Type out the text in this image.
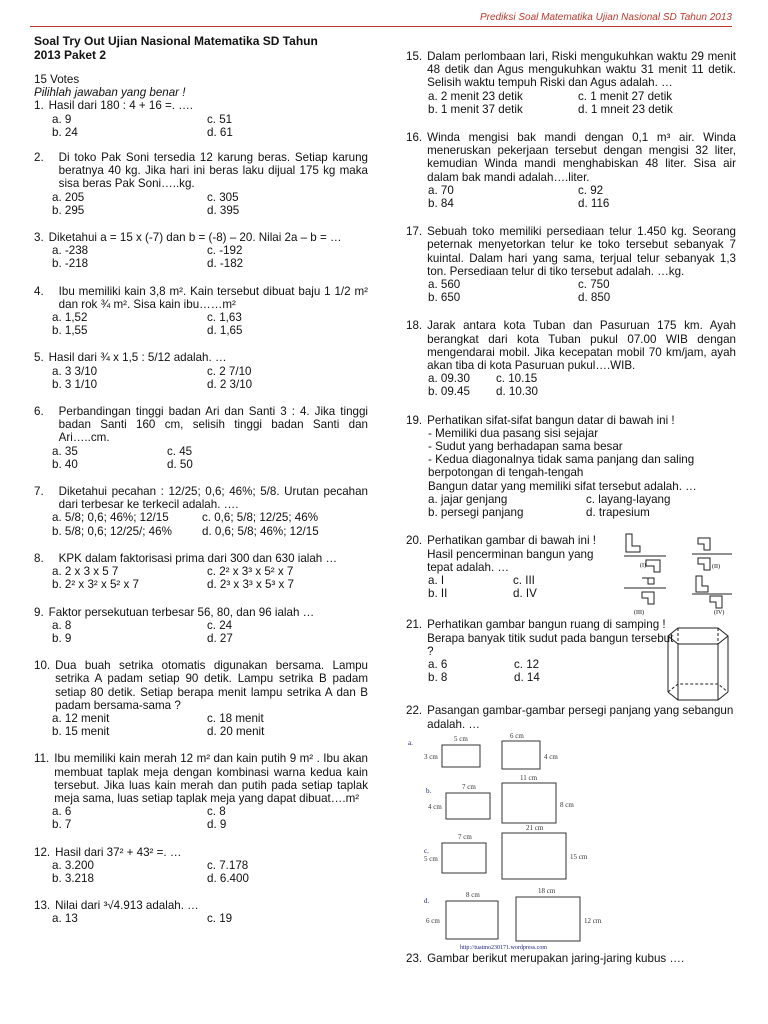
Prediksi Soal Matematika Ujian Nasional SD Tahun 2013
Soal Try Out Ujian Nasional Matematika SD Tahun
2013 Paket 2
15 Votes
Pilihlah jawaban yang benar !
1. Hasil dari 180 : 4 + 16 =. ….
a. 9	c. 51
b. 24	d. 61
2.	Di toko Pak Soni tersedia 12 karung beras. Setiap karung beratnya 40 kg. Jika hari ini beras laku dijual 175 kg maka sisa beras Pak Soni…..kg.
a. 205	c. 305
b. 295	d. 395
3. Diketahui a = 15 x (-7) dan b = (-8) – 20. Nilai 2a – b = …
a. -238	c. -192
b. -218	d. -182
4.	Ibu memiliki kain 3,8 m². Kain tersebut dibuat baju 1 1/2 m² dan rok ¾ m². Sisa kain ibu……m²
a. 1,52	c. 1,63
b. 1,55	d. 1,65
5. Hasil dari ¾ x 1,5 : 5/12 adalah. …
a. 3 3/10	c. 2 7/10
b. 3 1/10	d. 2 3/10
6.	Perbandingan tinggi badan Ari dan Santi 3 : 4. Jika tinggi badan Santi 160 cm, selisih tinggi badan Santi dan Ari…..cm.
a. 35	c. 45
b. 40	d. 50
7.	Diketahui pecahan : 12/25; 0,6; 46%; 5/8. Urutan pecahan dari terbesar ke terkecil adalah. ….
a. 5/8; 0,6; 46%; 12/15	c. 0,6; 5/8; 12/25; 46%
b. 5/8; 0,6; 12/25/; 46%	d. 0,6; 5/8; 46%; 12/15
8.	KPK dalam faktorisasi prima dari 300 dan 630 ialah …
a. 2 x 3 x 5 7	c. 2² x 3³ x 5² x 7
b. 2² x 3² x 5² x 7	d. 2³ x 3³ x 5³ x 7
9. Faktor persekutuan terbesar 56, 80, dan 96 ialah …
a. 8	c. 24
b. 9	d. 27
10. Dua buah setrika otomatis digunakan bersama. Lampu setrika A padam setiap 90 detik. Lampu setrika B padam setiap 80 detik. Setiap berapa menit lampu setrika A dan B padam bersama-sama ?
a. 12 menit	c. 18 menit
b. 15 menit	d. 20 menit
11. Ibu memiliki kain merah 12 m² dan kain putih 9 m² . Ibu akan membuat taplak meja dengan kombinasi warna kedua kain tersebut. Jika luas kain merah dan putih pada setiap taplak meja sama, luas setiap taplak meja yang dapat dibuat….m²
a. 6	c. 8
b. 7	d. 9
12. Hasil dari 37² + 43² =. …
a. 3.200	c. 7.178
b. 3.218	d. 6.400
13. Nilai dari ³√4.913 adalah. …
a. 13	c. 19
15. Dalam perlombaan lari, Riski mengukuhkan waktu 29 menit 48 detik dan Agus mengukuhkan waktu 31 menit 11 detik. Selisih waktu tempuh Riski dan Agus adalah. …
a. 2 menit 23 detik	c. 1 menit 27 detik
b. 1 menit 37 detik	d. 1 mneit 23 detik
16. Winda mengisi bak mandi dengan 0,1 m³ air. Winda meneruskan pekerjaan tersebut dengan mengisi 32 liter, kemudian Winda mandi menghabiskan 48 liter. Sisa air dalam bak mandi adalah….liter.
a. 70	c. 92
b. 84	d. 116
17. Sebuah toko memiliki persediaan telur 1.450 kg. Seorang peternak menyetorkan telur ke toko tersebut sebanyak 7 kuintal. Dalam hari yang sama, terjual telur sebanyak 1,3 ton. Persediaan telur di tiko tersebut adalah. …kg.
a. 560	c. 750
b. 650	d. 850
18. Jarak antara kota Tuban dan Pasuruan 175 km. Ayah berangkat dari kota Tuban pukul 07.00 WIB dengan mengendarai mobil. Jika kecepatan mobil 70 km/jam, ayah akan tiba di kota Pasuruan pukul….WIB.
a. 09.30	c. 10.15
b. 09.45	d. 10.30
19. Perhatikan sifat-sifat bangun datar di bawah ini !
- Memiliki dua pasang sisi sejajar
- Sudut yang berhadapan sama besar
- Kedua diagonalnya tidak sama panjang dan saling
berpotongan di tengah-tengah
Bangun datar yang memiliki sifat tersebut adalah. …
a. jajar genjang	c. layang-layang
b. persegi panjang	d. trapesium
20. Perhatikan gambar di bawah ini ! Hasil pencerminan bangun yang tepat adalah. …
a. I	c. III
b. II	d. IV
(I)	(II)
(III)	(IV)
21. Perhatikan gambar bangun ruang di samping ! Berapa banyak titik sudut pada bangun tersebut ?
a. 6	c. 12
b. 8	d. 14
22. Pasangan gambar-gambar persegi panjang yang sebangun adalah. …
a.	5 cm
3 cm
6 cm
4 cm
b.	7 cm
4 cm
11 cm
8 cm
c.
7 cm
5 cm
21 cm
15 cm
d.
8 cm
6 cm
18 cm
12 cm
http://tuatmo230171.wordpress.com
23. Gambar berikut merupakan jaring-jaring kubus ….
